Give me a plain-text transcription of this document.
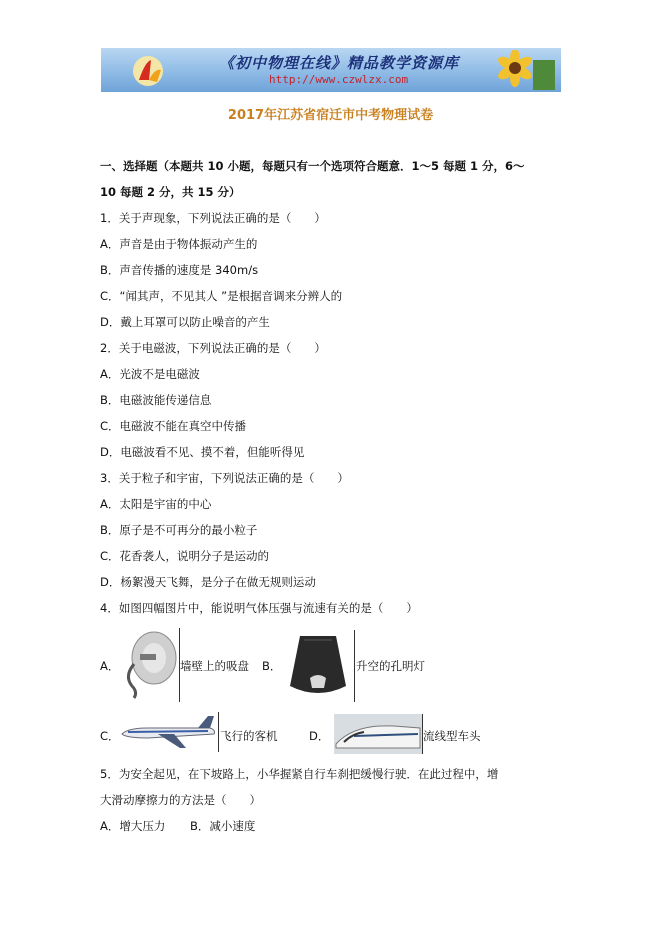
《初中物理在线》精品教学资源库
http://www.czwlzx.com
2017年江苏省宿迁市中考物理试卷
一、选择题（本题共 10 小题，每题只有一个选项符合题意．1～5 每题 1 分，6～
10 每题 2 分，共 15 分）
1．关于声现象，下列说法正确的是（　　）
A．声音是由于物体振动产生的
B．声音传播的速度是 340m/s
C．“闻其声，不见其人 ”是根据音调来分辨人的
D．戴上耳罩可以防止噪音的产生
2．关于电磁波，下列说法正确的是（　　）
A．光波不是电磁波
B．电磁波能传递信息
C．电磁波不能在真空中传播
D．电磁波看不见、摸不着，但能听得见
3．关于粒子和宇宙，下列说法正确的是（　　）
A．太阳是宇宙的中心
B．原子是不可再分的最小粒子
C．花香袭人，说明分子是运动的
D．杨絮漫天飞舞，是分子在做无规则运动
4．如图四幅图片中，能说明气体压强与流速有关的是（　　）
A．	墙壁上的吸盘 B．	升空的孔明灯
C．	飞行的客机	D．	流线型车头
5．为安全起见，在下坡路上，小华握紧自行车刹把缓慢行驶．在此过程中，增
大滑动摩擦力的方法是（　　）
A．增大压力 B．减小速度
